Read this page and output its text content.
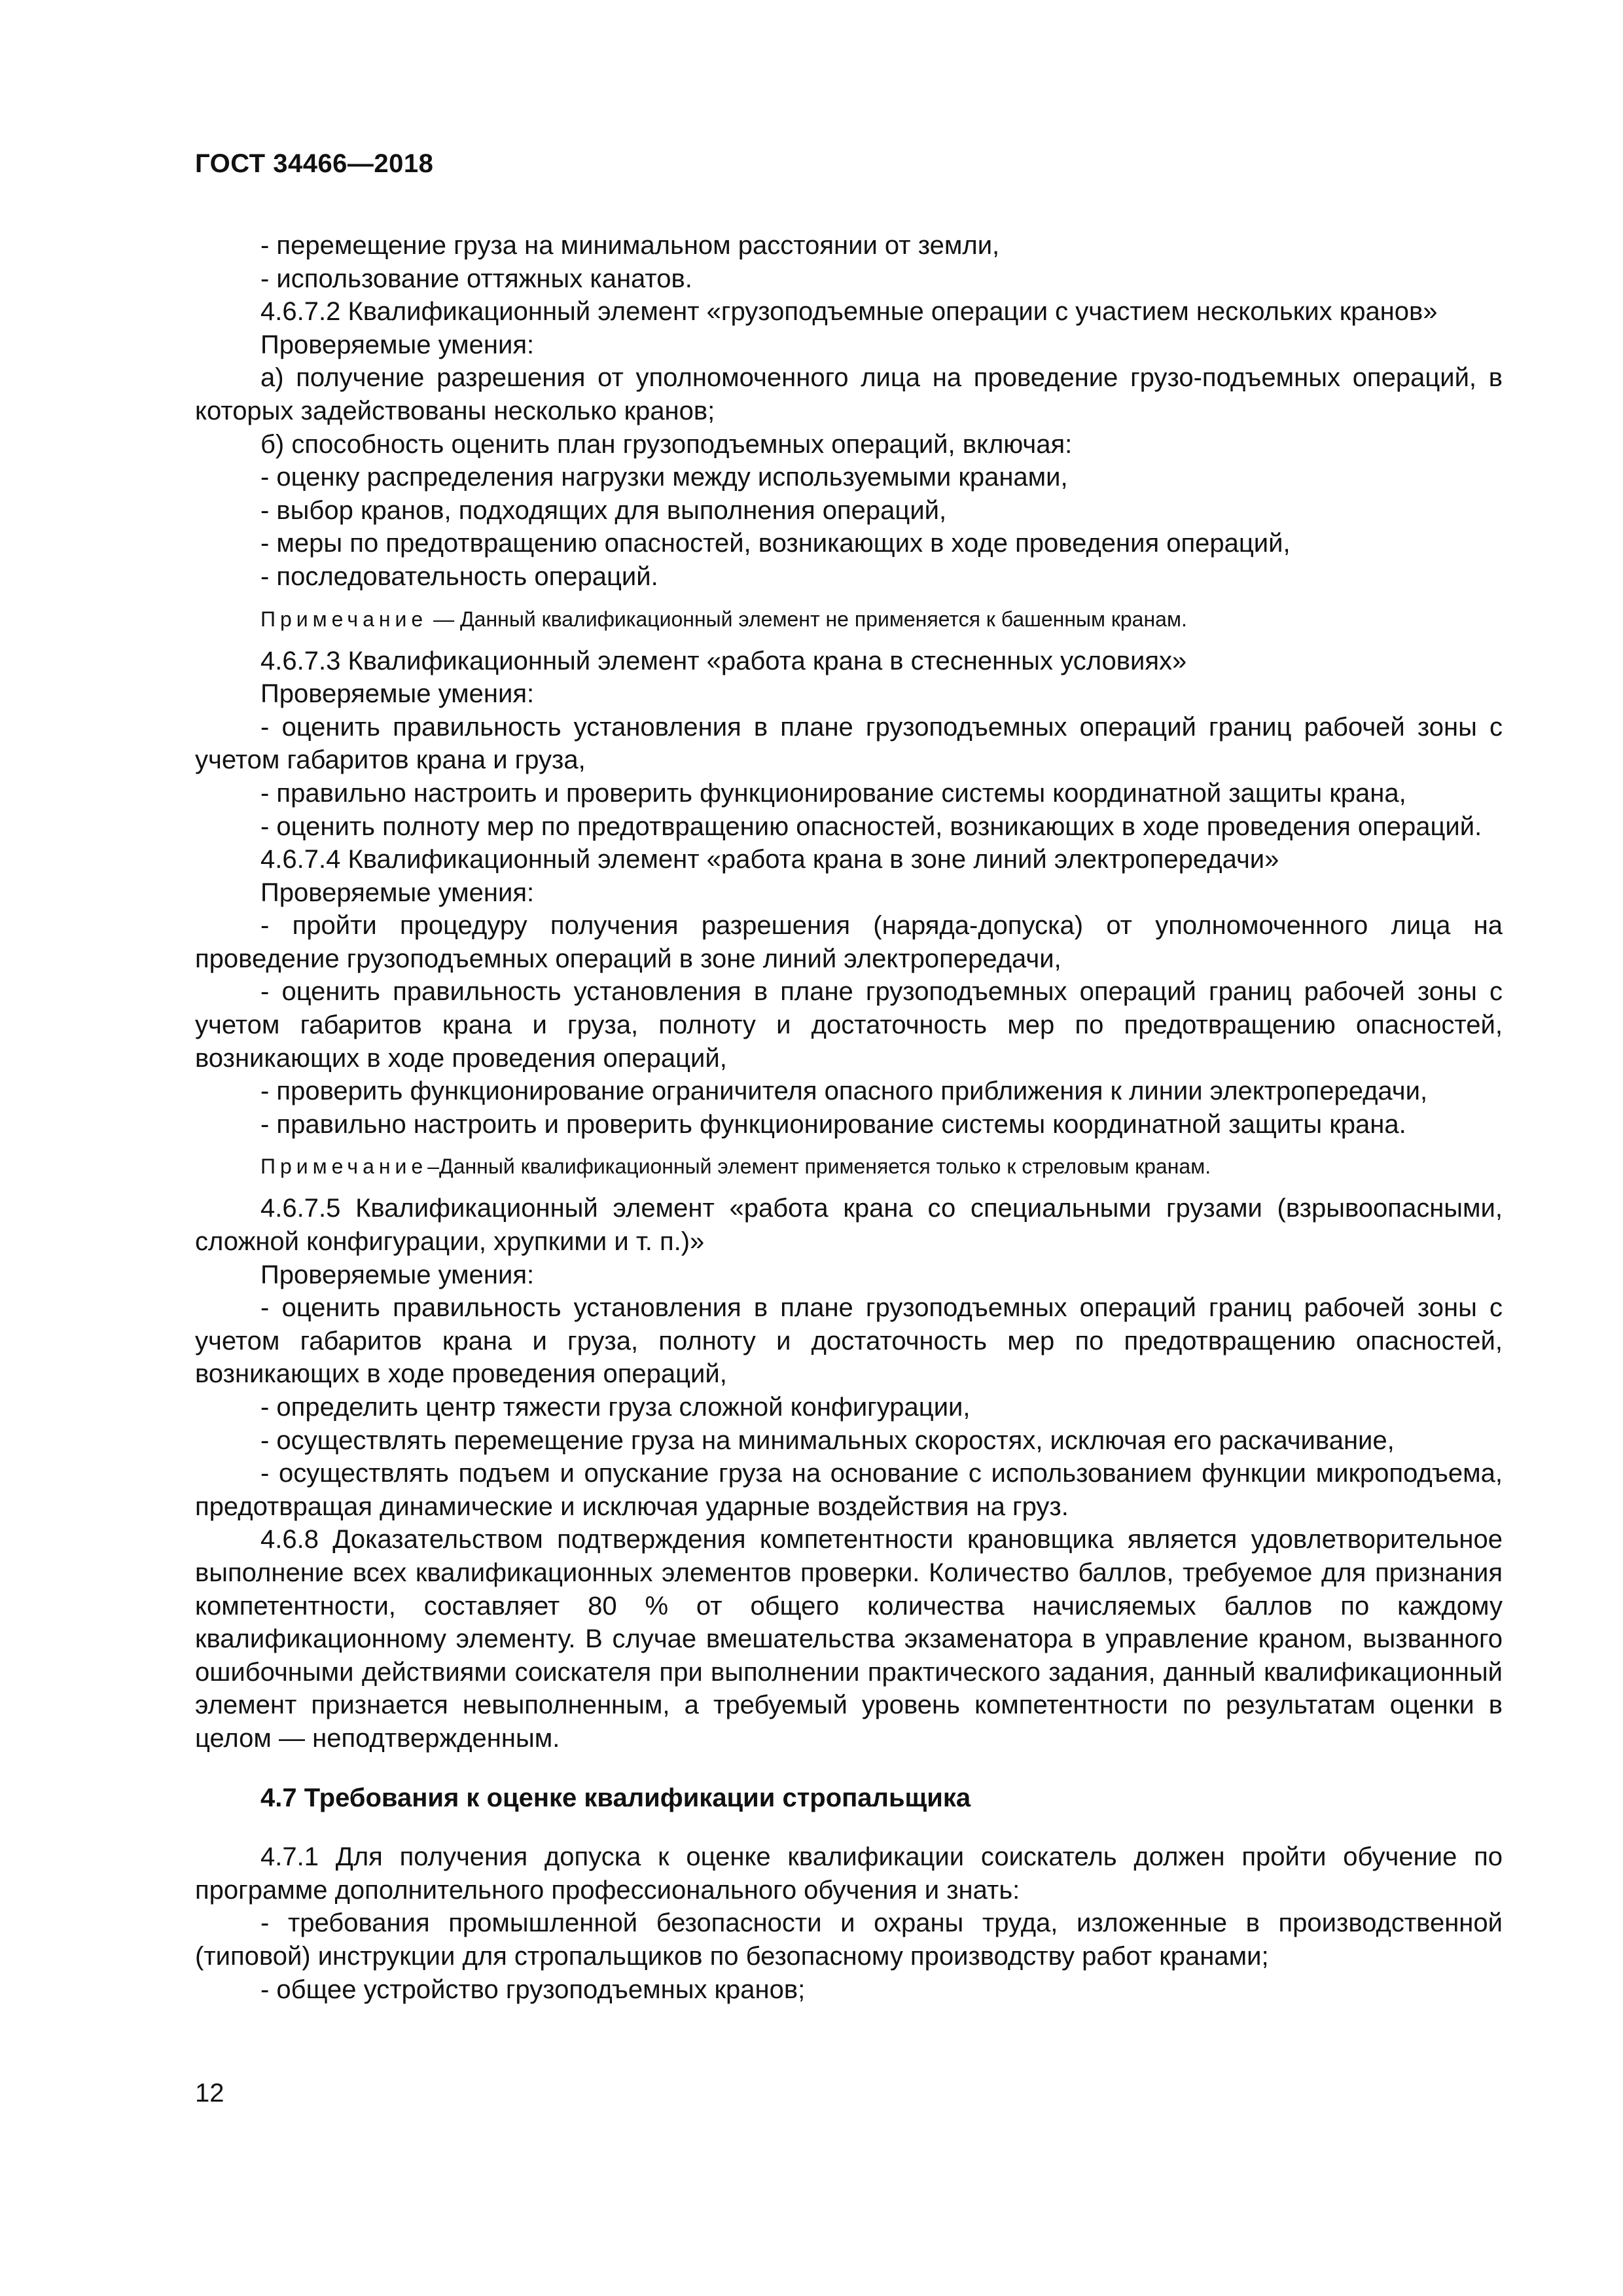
ГОСТ 34466—2018

- перемещение груза на минимальном расстоянии от земли,

- использование оттяжных канатов.

4.6.7.2 Квалификационный элемент «грузоподъемные операции с участием нескольких кранов»

Проверяемые умения:

а) получение разрешения от уполномоченного лица на проведение грузо-подъемных операций, в которых задействованы несколько кранов;

б) способность оценить план грузоподъемных операций, включая:

- оценку распределения нагрузки между используемыми кранами,

- выбор кранов, подходящих для выполнения операций,

- меры по предотвращению опасностей, возникающих в ходе проведения операций,

- последовательность операций.

Примечание — Данный квалификационный элемент не применяется к башенным кранам.

4.6.7.3 Квалификационный элемент «работа крана в стесненных условиях»

Проверяемые умения:

- оценить правильность установления в плане грузоподъемных операций границ рабочей зоны с учетом габаритов крана и груза,

- правильно настроить и проверить функционирование системы координатной защиты крана,

- оценить полноту мер по предотвращению опасностей, возникающих в ходе проведения операций.

4.6.7.4 Квалификационный элемент «работа крана в зоне линий электропередачи»

Проверяемые умения:

- пройти процедуру получения разрешения (наряда-допуска) от уполномоченного лица на проведение грузоподъемных операций в зоне линий электропередачи,

- оценить правильность установления в плане грузоподъемных операций границ рабочей зоны с учетом габаритов крана и груза, полноту и достаточность мер по предотвращению опасностей, возникающих в ходе проведения операций,

- проверить функционирование ограничителя опасного приближения к линии электропередачи,

- правильно настроить и проверить функционирование системы координатной защиты крана.

Примечание–Данный квалификационный элемент применяется только к стреловым кранам.

4.6.7.5 Квалификационный элемент «работа крана со специальными грузами (взрывоопасными, сложной конфигурации, хрупкими и т. п.)»

Проверяемые умения:

- оценить правильность установления в плане грузоподъемных операций границ рабочей зоны с учетом габаритов крана и груза, полноту и достаточность мер по предотвращению опасностей, возникающих в ходе проведения операций,

- определить центр тяжести груза сложной конфигурации,

- осуществлять перемещение груза на минимальных скоростях, исключая его раскачивание,

- осуществлять подъем и опускание груза на основание с использованием функции микроподъема, предотвращая динамические и исключая ударные воздействия на груз.

4.6.8 Доказательством подтверждения компетентности крановщика является удовлетворительное выполнение всех квалификационных элементов проверки. Количество баллов, требуемое для признания компетентности, составляет 80 % от общего количества начисляемых баллов по каждому квалификационному элементу. В случае вмешательства экзаменатора в управление краном, вызванного ошибочными действиями соискателя при выполнении практического задания, данный квалификационный элемент признается невыполненным, а требуемый уровень компетентности по результатам оценки в целом — неподтвержденным.

4.7 Требования к оценке квалификации стропальщика

4.7.1 Для получения допуска к оценке квалификации соискатель должен пройти обучение по программе дополнительного профессионального обучения и знать:

- требования промышленной безопасности и охраны труда, изложенные в производственной (типовой) инструкции для стропальщиков по безопасному производству работ кранами;

- общее устройство грузоподъемных кранов;

12
